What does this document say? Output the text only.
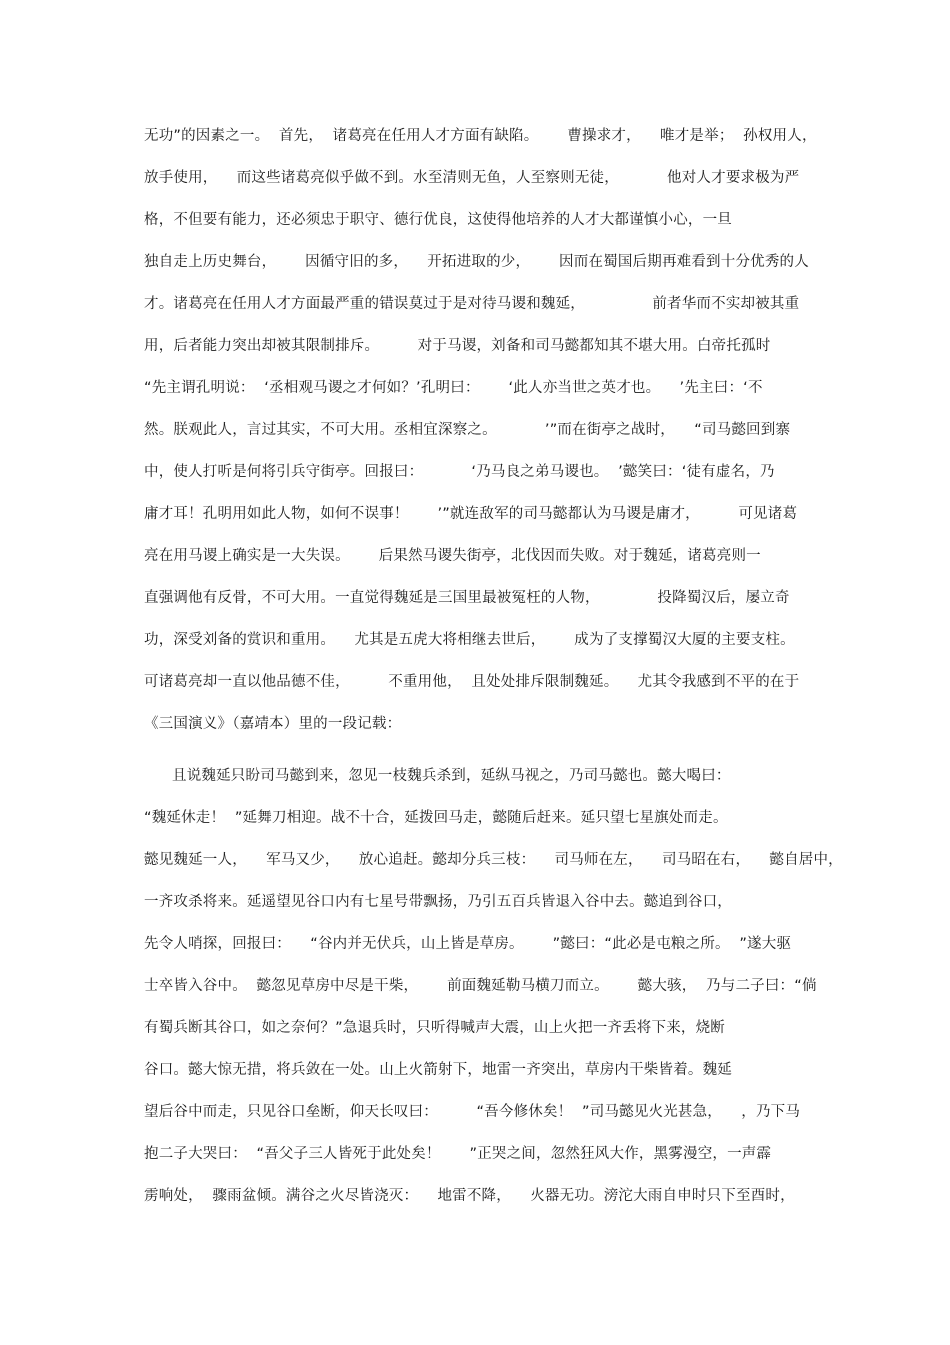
无功”的因素之一。  首先，  诸葛亮在任用人才方面有缺陷。      曹操求才，    唯才是举；  孙权用人，
放手使用，    而这些诸葛亮似乎做不到。水至清则无鱼，人至察则无徒，          他对人才要求极为严
格，不但要有能力，还必须忠于职守、德行优良，这使得他培养的人才大都谨慎小心，一旦
独自走上历史舞台，      因循守旧的多，    开拓进取的少，      因而在蜀国后期再难看到十分优秀的人
才。诸葛亮在任用人才方面最严重的错误莫过于是对待马谡和魏延，              前者华而不实却被其重
用，后者能力突出却被其限制排斥。        对于马谡，刘备和司马懿都知其不堪大用。白帝托孤时
“先主谓孔明说：  ‘丞相观马谡之才何如？’孔明曰：      ‘此人亦当世之英才也。    ’先主曰：‘不
然。朕观此人，言过其实，不可大用。丞相宜深察之。          ’”而在街亭之战时，    “司马懿回到寨
中，使人打听是何将引兵守街亭。回报曰：          ‘乃马良之弟马谡也。  ’懿笑曰：‘徒有虚名，乃
庸才耳！孔明用如此人物，如何不误事！      ’”就连敌军的司马懿都认为马谡是庸才，        可见诸葛
亮在用马谡上确实是一大失误。      后果然马谡失街亭，北伐因而失败。对于魏延，诸葛亮则一
直强调他有反骨，不可大用。一直觉得魏延是三国里最被冤枉的人物，            投降蜀汉后，屡立奇
功，深受刘备的赏识和重用。    尤其是五虎大将相继去世后，      成为了支撑蜀汉大厦的主要支柱。
可诸葛亮却一直以他品德不佳，        不重用他，  且处处排斥限制魏延。    尤其令我感到不平的在于
《三国演义》（嘉靖本）里的一段记载：
且说魏延只盼司马懿到来，忽见一枝魏兵杀到，延纵马视之，乃司马懿也。懿大喝曰：
“魏延休走！  ”延舞刀相迎。战不十合，延拨回马走，懿随后赶来。延只望七星旗处而走。
懿见魏延一人，    军马又少，    放心追赶。懿却分兵三枝：    司马师在左，    司马昭在右，    懿自居中，
一齐攻杀将来。延遥望见谷口内有七星号带飘扬，乃引五百兵皆退入谷中去。懿追到谷口，
先令人哨探，回报曰：    “谷内并无伏兵，山上皆是草房。      ”懿曰：“此必是屯粮之所。  ”遂大驱
士卒皆入谷中。  懿忽见草房中尽是干柴，      前面魏延勒马横刀而立。      懿大骇，  乃与二子曰：“倘
有蜀兵断其谷口，如之奈何？”急退兵时，只听得喊声大震，山上火把一齐丢将下来，烧断
谷口。懿大惊无措，将兵敛在一处。山上火箭射下，地雷一齐突出，草房内干柴皆着。魏延
望后谷中而走，只见谷口垒断，仰天长叹曰：        “吾今修休矣！  ”司马懿见火光甚急，    ，乃下马
抱二子大哭曰：  “吾父子三人皆死于此处矣！      ”正哭之间，忽然狂风大作，黑雾漫空，一声霹
雳响处，  骤雨盆倾。满谷之火尽皆浇灭：    地雷不降，    火器无功。滂沱大雨自申时只下至酉时，
